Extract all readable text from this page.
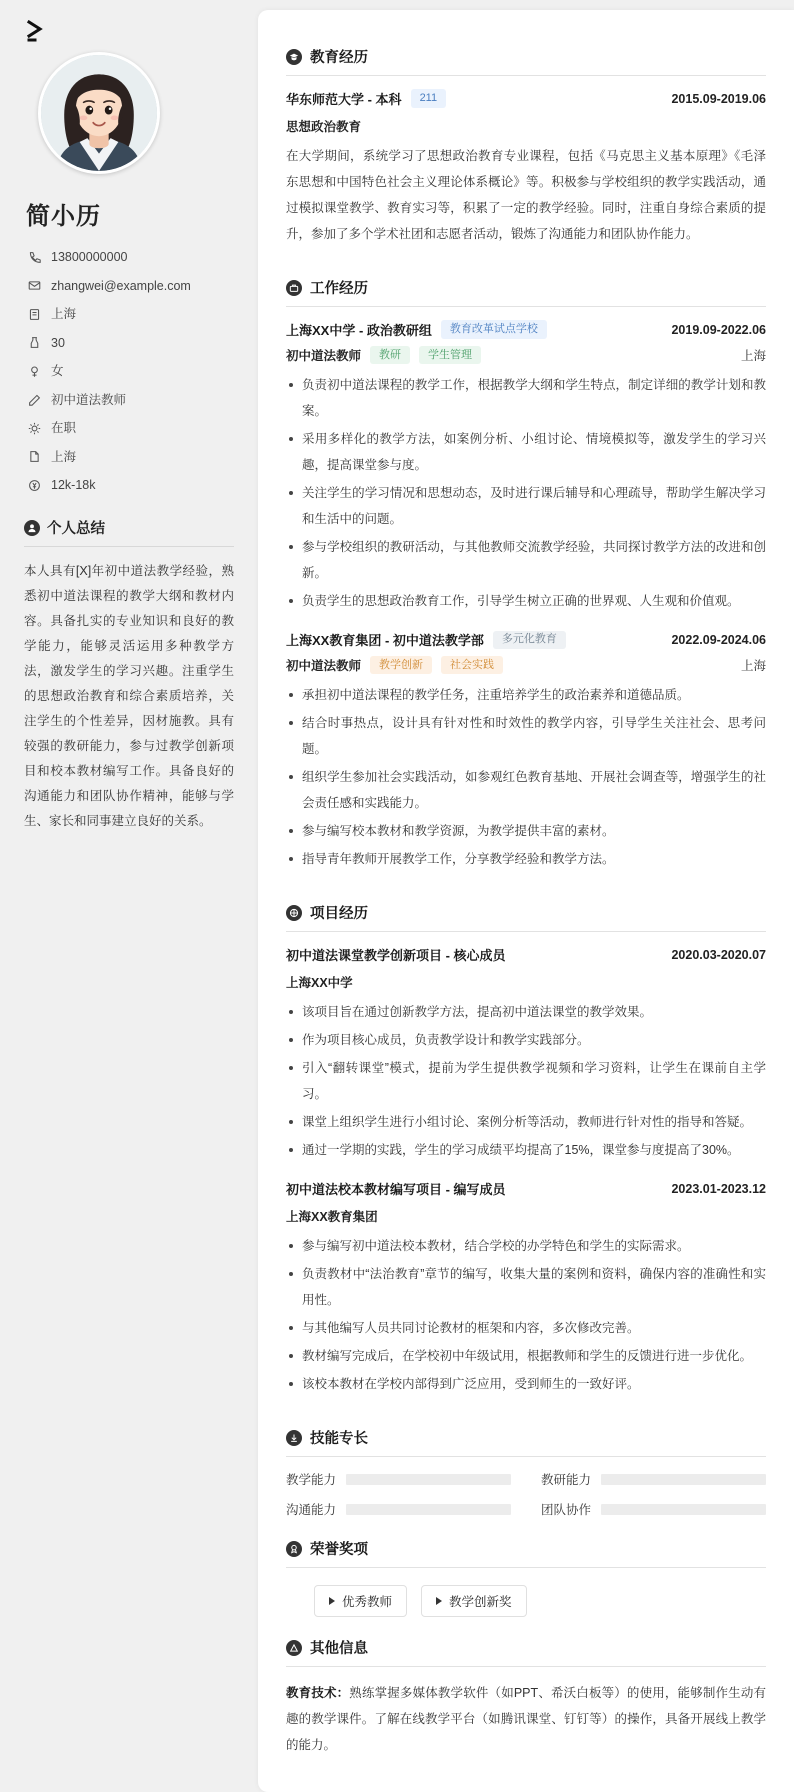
简小历
13800000000
zhangwei@example.com
上海
30
女
初中道法教师
在职
上海
12k-18k
个人总结
本人具有[X]年初中道法教学经验，熟悉初中道法课程的教学大纲和教材内容。具备扎实的专业知识和良好的教学能力，能够灵活运用多种教学方法，激发学生的学习兴趣。注重学生的思想政治教育和综合素质培养，关注学生的个性差异，因材施教。具有较强的教研能力，参与过教学创新项目和校本教材编写工作。具备良好的沟通能力和团队协作精神，能够与学生、家长和同事建立良好的关系。
教育经历
华东师范大学 - 本科	211	2015.09-2019.06
思想政治教育

在大学期间，系统学习了思想政治教育专业课程，包括《马克思主义基本原理》《毛泽东思想和中国特色社会主义理论体系概论》等。积极参与学校组织的教学实践活动，通过模拟课堂教学、教育实习等，积累了一定的教学经验。同时，注重自身综合素质的提升，参加了多个学术社团和志愿者活动，锻炼了沟通能力和团队协作能力。

工作经历
上海XX中学 - 政治教研组	教育改革试点学校	2019.09-2022.06
初中道法教师	教研	学生管理	上海
负责初中道法课程的教学工作，根据教学大纲和学生特点，制定详细的教学计划和教案。
采用多样化的教学方法，如案例分析、小组讨论、情境模拟等，激发学生的学习兴趣，提高课堂参与度。
关注学生的学习情况和思想动态，及时进行课后辅导和心理疏导，帮助学生解决学习和生活中的问题。
参与学校组织的教研活动，与其他教师交流教学经验，共同探讨教学方法的改进和创新。
负责学生的思想政治教育工作，引导学生树立正确的世界观、人生观和价值观。
上海XX教育集团 - 初中道法教学部	多元化教育	2022.09-2024.06
初中道法教师	教学创新	社会实践	上海
承担初中道法课程的教学任务，注重培养学生的政治素养和道德品质。
结合时事热点，设计具有针对性和时效性的教学内容，引导学生关注社会、思考问题。
组织学生参加社会实践活动，如参观红色教育基地、开展社会调查等，增强学生的社会责任感和实践能力。
参与编写校本教材和教学资源，为教学提供丰富的素材。
指导青年教师开展教学工作，分享教学经验和教学方法。
项目经历
初中道法课堂教学创新项目 - 核心成员	2020.03-2020.07
上海XX中学
该项目旨在通过创新教学方法，提高初中道法课堂的教学效果。
作为项目核心成员，负责教学设计和教学实践部分。
引入“翻转课堂”模式，提前为学生提供教学视频和学习资料，让学生在课前自主学习。
课堂上组织学生进行小组讨论、案例分析等活动，教师进行针对性的指导和答疑。
通过一学期的实践，学生的学习成绩平均提高了15%，课堂参与度提高了30%。
初中道法校本教材编写项目 - 编写成员	2023.01-2023.12
上海XX教育集团
参与编写初中道法校本教材，结合学校的办学特色和学生的实际需求。
负责教材中“法治教育”章节的编写，收集大量的案例和资料，确保内容的准确性和实用性。
与其他编写人员共同讨论教材的框架和内容，多次修改完善。
教材编写完成后，在学校初中年级试用，根据教师和学生的反馈进行进一步优化。
该校本教材在学校内部得到广泛应用，受到师生的一致好评。
技能专长
教学能力	教研能力
沟通能力	团队协作
荣誉奖项
优秀教师	教学创新奖
其他信息
教育技术：熟练掌握多媒体教学软件（如PPT、希沃白板等）的使用，能够制作生动有趣的教学课件。了解在线教学平台（如腾讯课堂、钉钉等）的操作，具备开展线上教学的能力。
